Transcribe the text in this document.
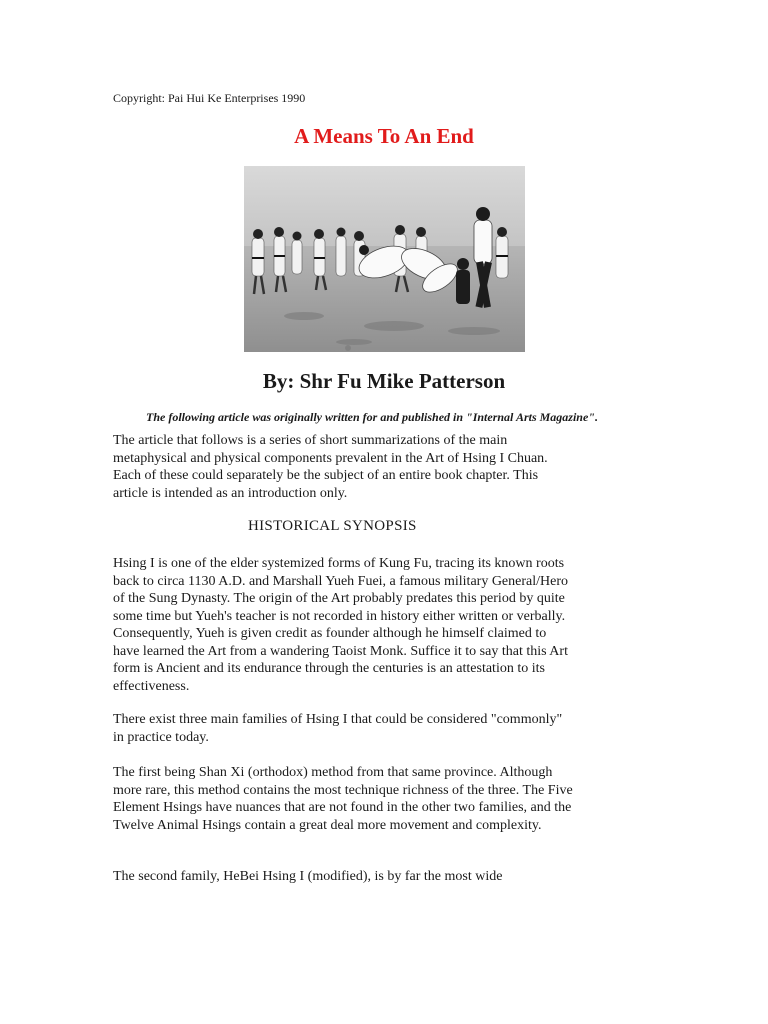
Copyright: Pai Hui Ke Enterprises 1990
A Means To An End
By: Shr Fu Mike Patterson
The following article was originally written for and published in "Internal Arts Magazine".

The article that follows is a series of short summarizations of the main metaphysical and physical components prevalent in the Art of Hsing I Chuan. Each of these could separately be the subject of an entire book chapter. This article is intended as an introduction only.

HISTORICAL SYNOPSIS

Hsing I is one of the elder systemized forms of Kung Fu, tracing its known roots back to circa 1130 A.D. and Marshall Yueh Fuei, a famous military General/Hero of the Sung Dynasty. The origin of the Art probably predates this period by quite some time but Yueh's teacher is not recorded in history either written or verbally. Consequently, Yueh is given credit as founder although he himself claimed to have learned the Art from a wandering Taoist Monk. Suffice it to say that this Art form is Ancient and its endurance through the centuries is an attestation to its effectiveness.

There exist three main families of Hsing I that could be considered "commonly" in practice today.

The first being Shan Xi (orthodox) method from that same province. Although more rare, this method contains the most technique richness of the three. The Five Element Hsings have nuances that are not found in the other two families, and the Twelve Animal Hsings contain a great deal more movement and complexity.

The second family, HeBei Hsing I (modified), is by far the most wide
